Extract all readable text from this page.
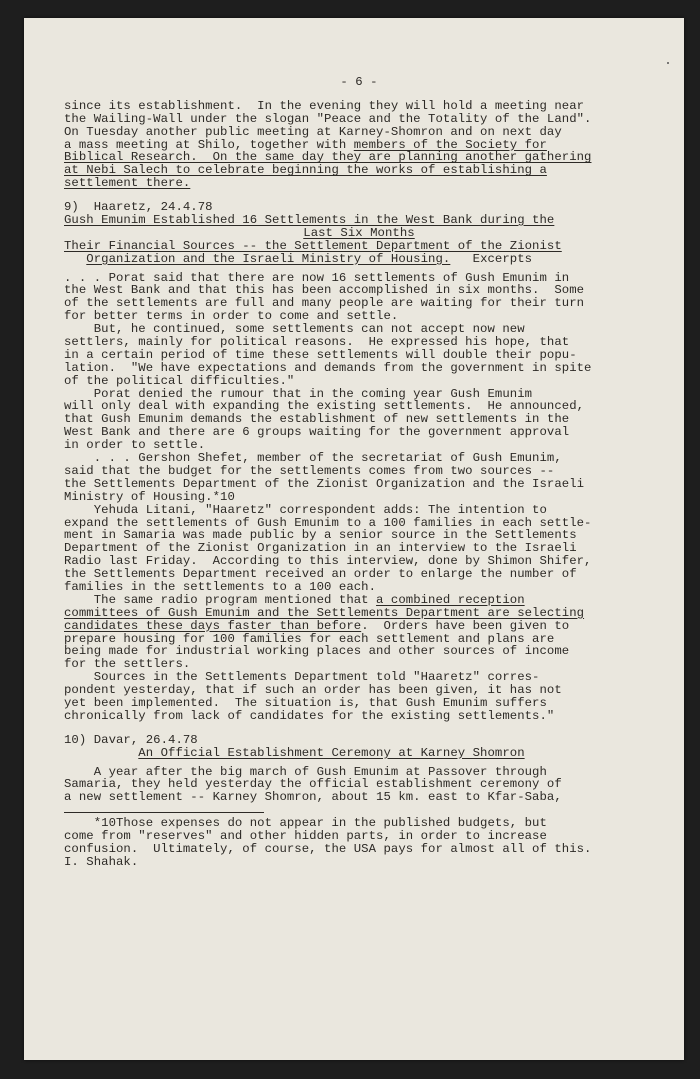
- 6 -
since its establishment.  In the evening they will hold a meeting near
the Wailing-Wall under the slogan "Peace and the Totality of the Land".
On Tuesday another public meeting at Karney-Shomron and on next day
a mass meeting at Shilo, together with members of the Society for
Biblical Research.  On the same day they are planning another gathering
at Nebi Salech to celebrate beginning the works of establishing a
settlement there.
9)  Haaretz, 24.4.78
Gush Emunim Established 16 Settlements in the West Bank during the
Last Six Months
Their Financial Sources -- the Settlement Department of the Zionist
Organization and the Israeli Ministry of Housing. Excerpts
. . . Porat said that there are now 16 settlements of Gush Emunim in
the West Bank and that this has been accomplished in six months.  Some
of the settlements are full and many people are waiting for their turn
for better terms in order to come and settle.
But, he continued, some settlements can not accept now new
settlers, mainly for political reasons.  He expressed his hope, that
in a certain period of time these settlements will double their popu-
lation.  "We have expectations and demands from the government in spite
of the political difficulties."
Porat denied the rumour that in the coming year Gush Emunim
will only deal with expanding the existing settlements.  He announced,
that Gush Emunim demands the establishment of new settlements in the
West Bank and there are 6 groups waiting for the government approval
in order to settle.
. . . Gershon Shefet, member of the secretariat of Gush Emunim,
said that the budget for the settlements comes from two sources --
the Settlements Department of the Zionist Organization and the Israeli
Ministry of Housing.*10
Yehuda Litani, "Haaretz" correspondent adds: The intention to
expand the settlements of Gush Emunim to a 100 families in each settle-
ment in Samaria was made public by a senior source in the Settlements
Department of the Zionist Organization in an interview to the Israeli
Radio last Friday.  According to this interview, done by Shimon Shifer,
the Settlements Department received an order to enlarge the number of
families in the settlements to a 100 each.
The same radio program mentioned that a combined reception
committees of Gush Emunim and the Settlements Department are selecting
candidates these days faster than before.  Orders have been given to
prepare housing for 100 families for each settlement and plans are
being made for industrial working places and other sources of income
for the settlers.
Sources in the Settlements Department told "Haaretz" corres-
pondent yesterday, that if such an order has been given, it has not
yet been implemented.  The situation is, that Gush Emunim suffers
chronically from lack of candidates for the existing settlements."
10) Davar, 26.4.78
An Official Establishment Ceremony at Karney Shomron
A year after the big march of Gush Emunim at Passover through
Samaria, they held yesterday the official establishment ceremony of
a new settlement -- Karney Shomron, about 15 km. east to Kfar-Saba,
*10Those expenses do not appear in the published budgets, but
come from "reserves" and other hidden parts, in order to increase
confusion.  Ultimately, of course, the USA pays for almost all of this.
I. Shahak.
